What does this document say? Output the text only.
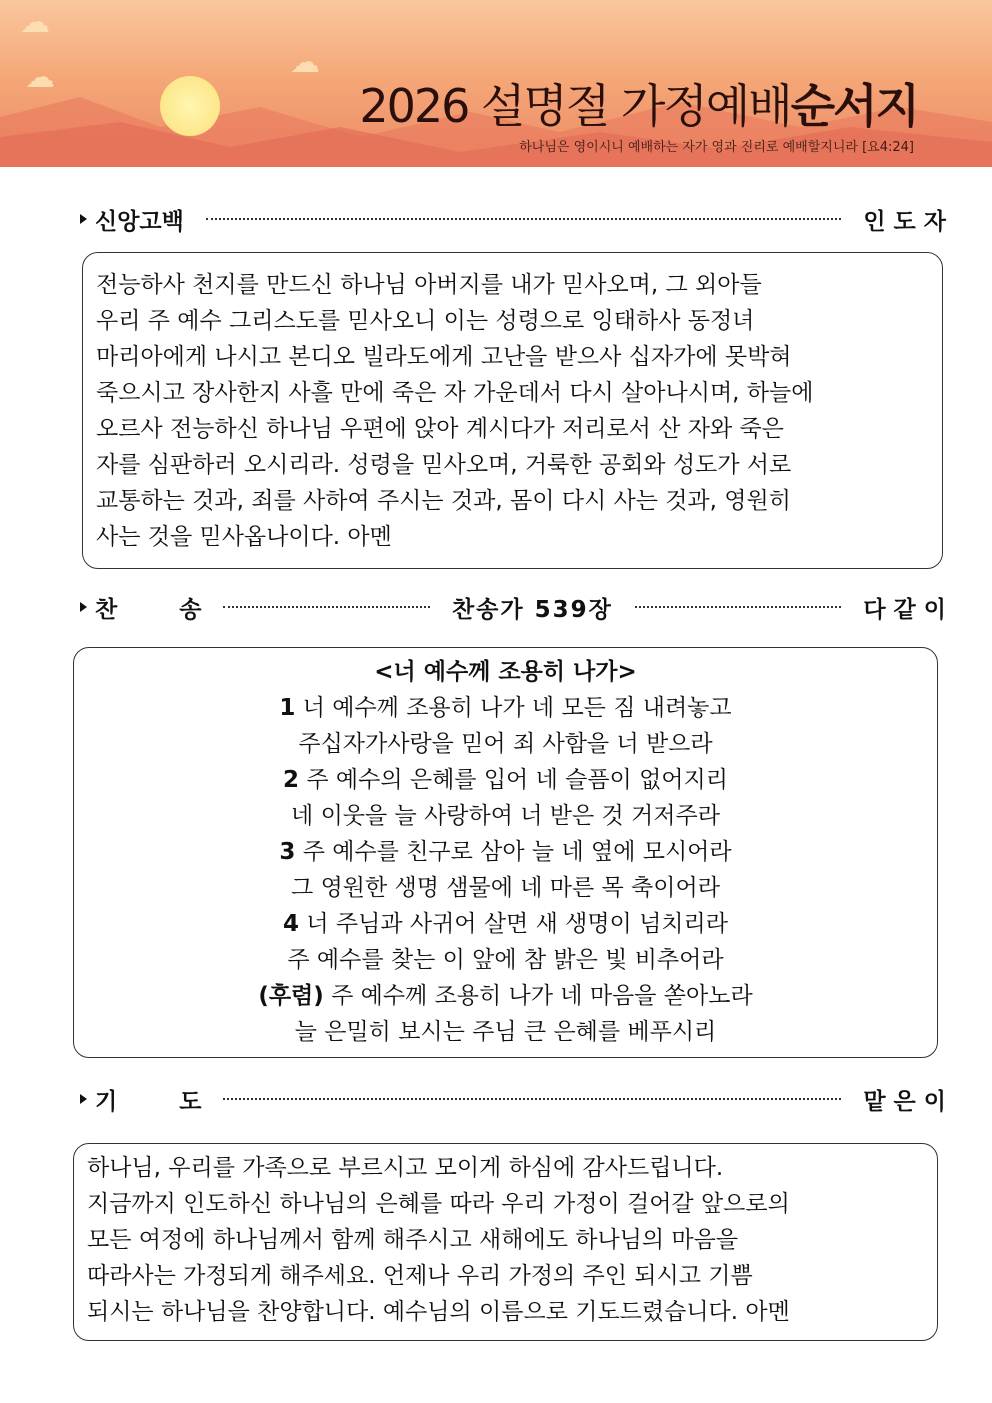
☁
☁	☁
2026 설명절 가정예배순서지
하나님은 영이시니 예배하는 자가 영과 진리로 예배할지니라 [요4:24]
신앙고백	인 도 자

전능하사 천지를 만드신 하나님 아버지를 내가 믿사오며, 그 외아들

우리 주 예수 그리스도를 믿사오니 이는 성령으로 잉태하사 동정녀

마리아에게 나시고 본디오 빌라도에게 고난을 받으사 십자가에 못박혀

죽으시고 장사한지 사흘 만에 죽은 자 가운데서 다시 살아나시며, 하늘에

오르사 전능하신 하나님 우편에 앉아 계시다가 저리로서 산 자와 죽은

자를 심판하러 오시리라. 성령을 믿사오며, 거룩한 공회와 성도가 서로

교통하는 것과, 죄를 사하여 주시는 것과, 몸이 다시 사는 것과, 영원히

사는 것을 믿사옵나이다. 아멘

찬	송	찬송가 539장	다 같 이

<너 예수께 조용히 나가>

1 너 예수께 조용히 나가 네 모든 짐 내려놓고

주십자가사랑을 믿어 죄 사함을 너 받으라

2 주 예수의 은혜를 입어 네 슬픔이 없어지리

네 이웃을 늘 사랑하여 너 받은 것 거저주라

3 주 예수를 친구로 삼아 늘 네 옆에 모시어라

그 영원한 생명 샘물에 네 마른 목 축이어라

4 너 주님과 사귀어 살면 새 생명이 넘치리라

주 예수를 찾는 이 앞에 참 밝은 빛 비추어라

(후렴) 주 예수께 조용히 나가 네 마음을 쏟아노라

늘 은밀히 보시는 주님 큰 은혜를 베푸시리

기	도	맡 은 이

하나님, 우리를 가족으로 부르시고 모이게 하심에 감사드립니다.

지금까지 인도하신 하나님의 은혜를 따라 우리 가정이 걸어갈 앞으로의

모든 여정에 하나님께서 함께 해주시고 새해에도 하나님의 마음을

따라사는 가정되게 해주세요. 언제나 우리 가정의 주인 되시고 기쁨

되시는 하나님을 찬양합니다. 예수님의 이름으로 기도드렸습니다. 아멘
